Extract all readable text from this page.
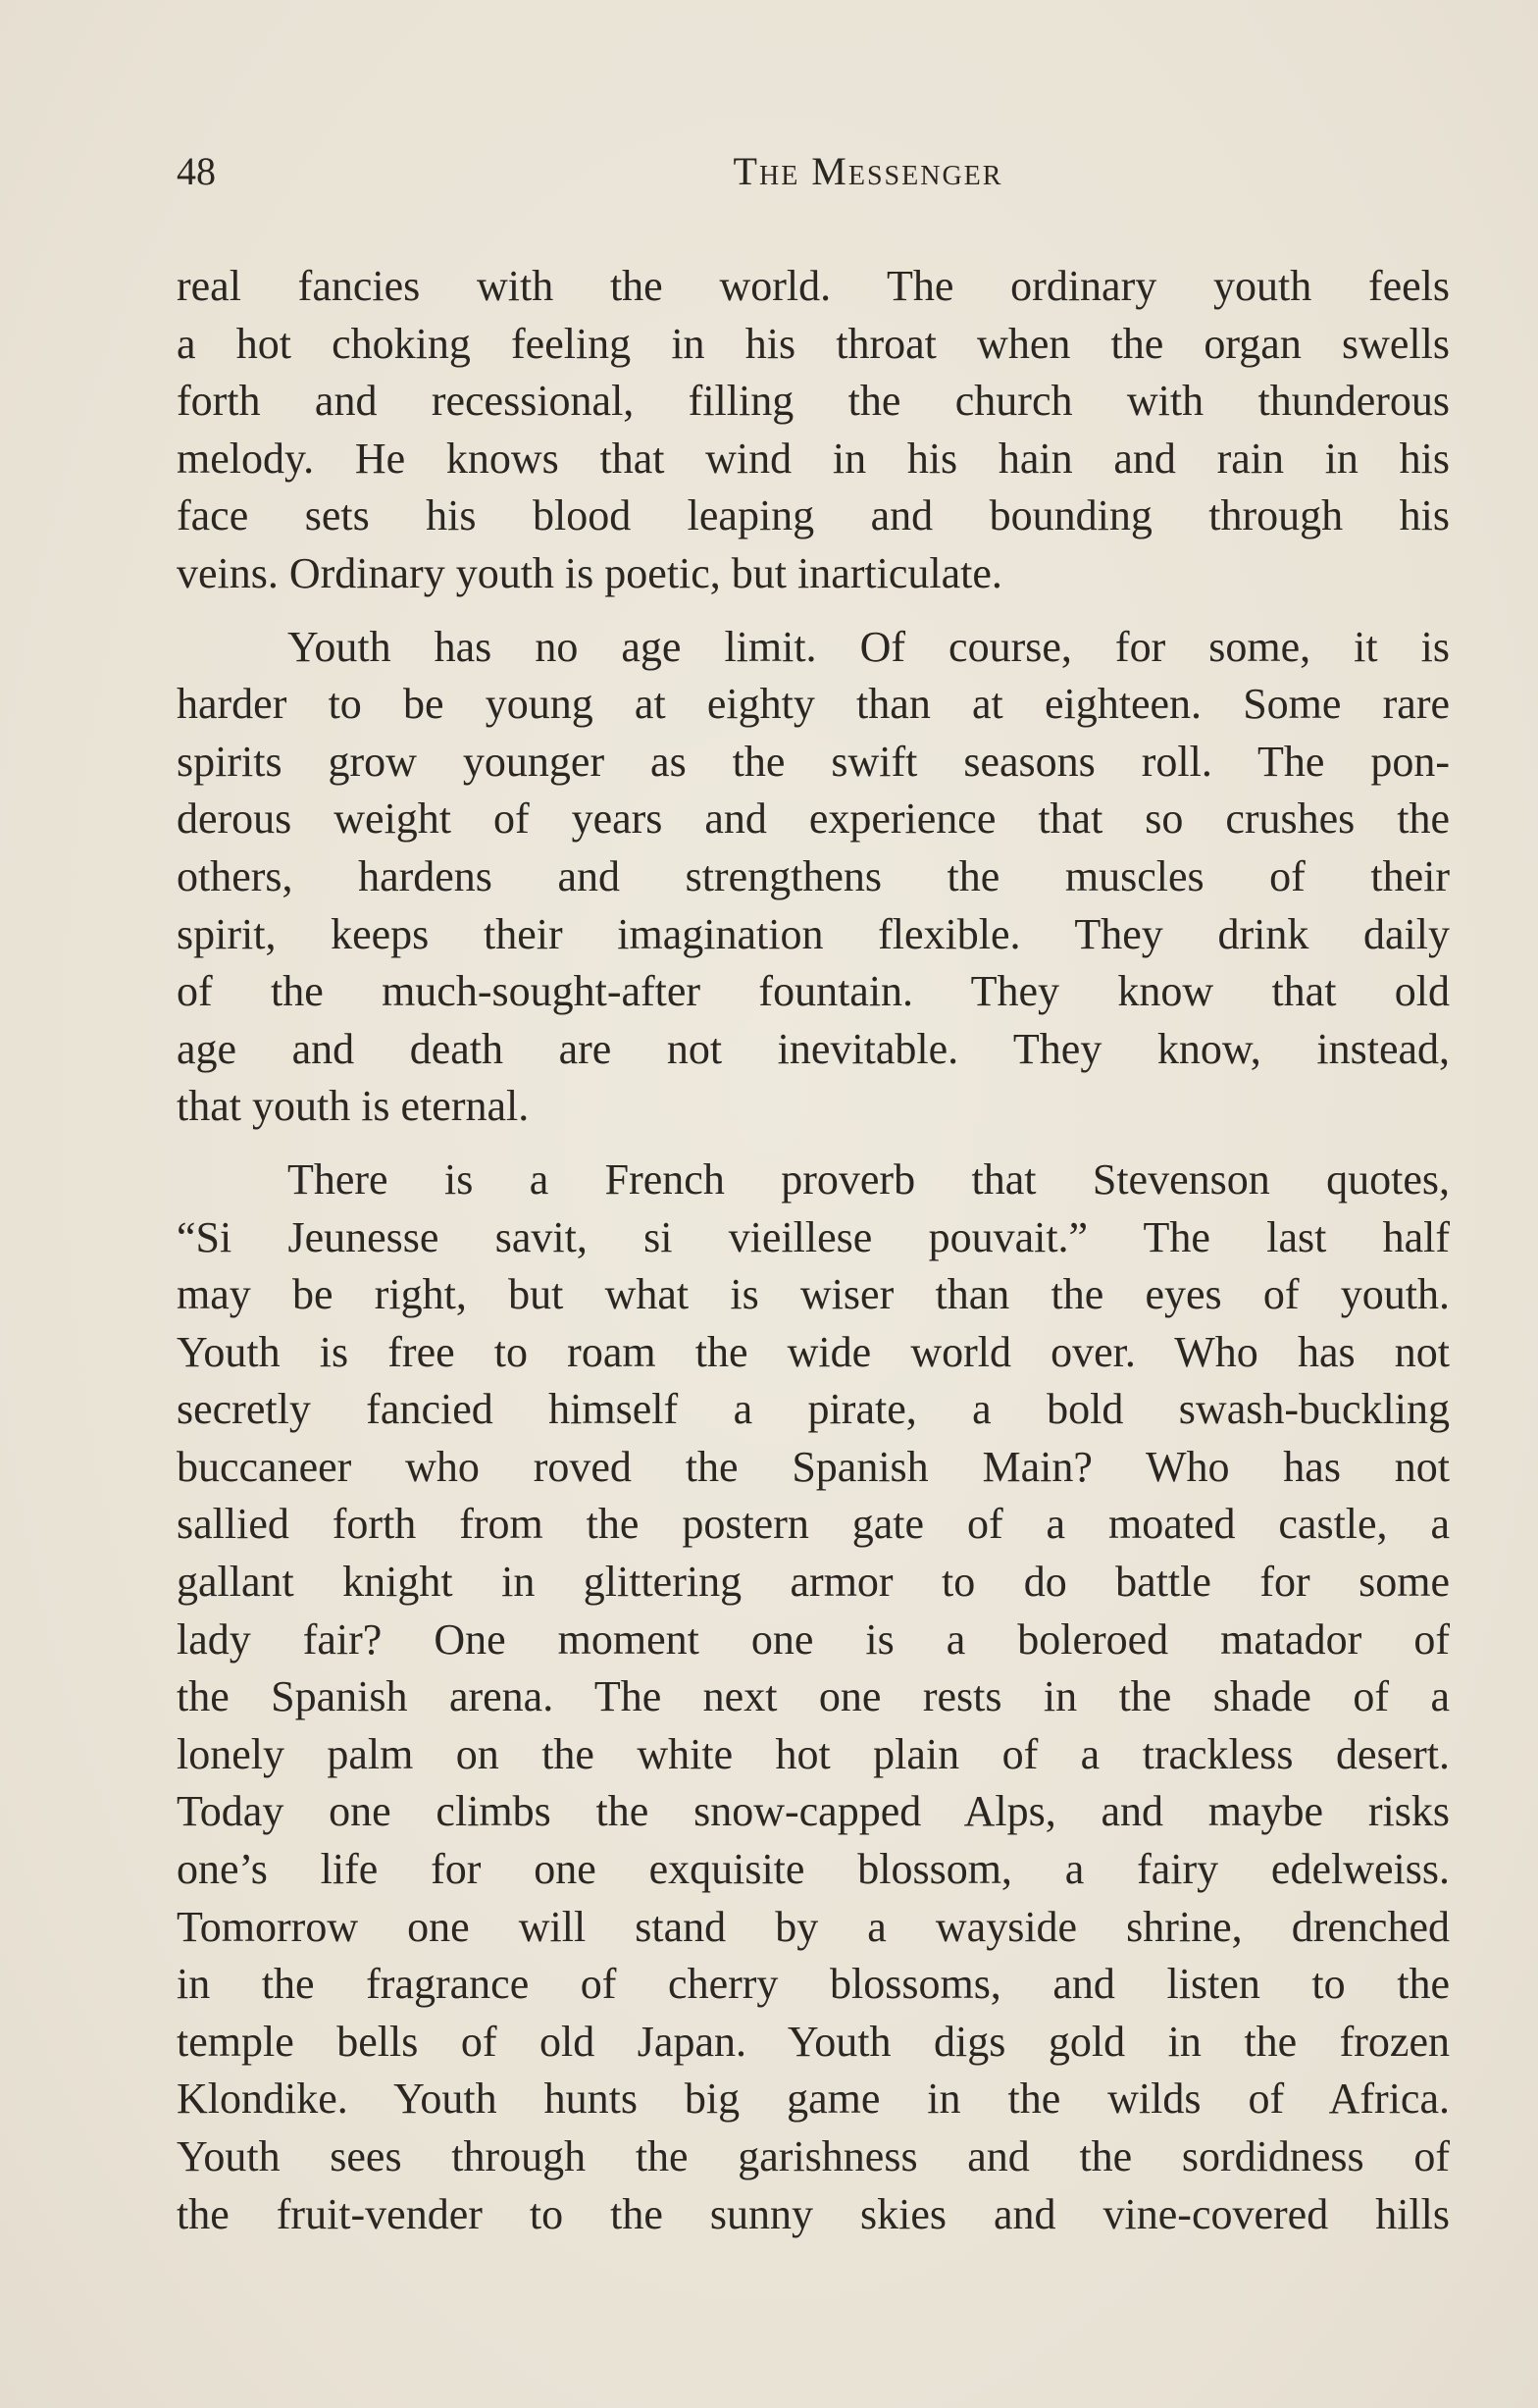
48	The Messenger
real fancies with the world. The ordinary youth feels
a hot choking feeling in his throat when the organ swells
forth and recessional, filling the church with thunderous
melody. He knows that wind in his hain and rain in his
face sets his blood leaping and bounding through his
veins. Ordinary youth is poetic, but inarticulate.
Youth has no age limit. Of course, for some, it is
harder to be young at eighty than at eighteen. Some rare
spirits grow younger as the swift seasons roll. The pon-
derous weight of years and experience that so crushes the
others, hardens and strengthens the muscles of their
spirit, keeps their imagination flexible. They drink daily
of the much-sought-after fountain. They know that old
age and death are not inevitable. They know, instead,
that youth is eternal.
There is a French proverb that Stevenson quotes,
“Si Jeunesse savit, si vieillese pouvait.” The last half
may be right, but what is wiser than the eyes of youth.
Youth is free to roam the wide world over. Who has not
secretly fancied himself a pirate, a bold swash-buckling
buccaneer who roved the Spanish Main? Who has not
sallied forth from the postern gate of a moated castle, a
gallant knight in glittering armor to do battle for some
lady fair? One moment one is a boleroed matador of
the Spanish arena. The next one rests in the shade of a
lonely palm on the white hot plain of a trackless desert.
Today one climbs the snow-capped Alps, and maybe risks
one’s life for one exquisite blossom, a fairy edelweiss.
Tomorrow one will stand by a wayside shrine, drenched
in the fragrance of cherry blossoms, and listen to the
temple bells of old Japan. Youth digs gold in the frozen
Klondike. Youth hunts big game in the wilds of Africa.
Youth sees through the garishness and the sordidness of
the fruit-vender to the sunny skies and vine-covered hills
